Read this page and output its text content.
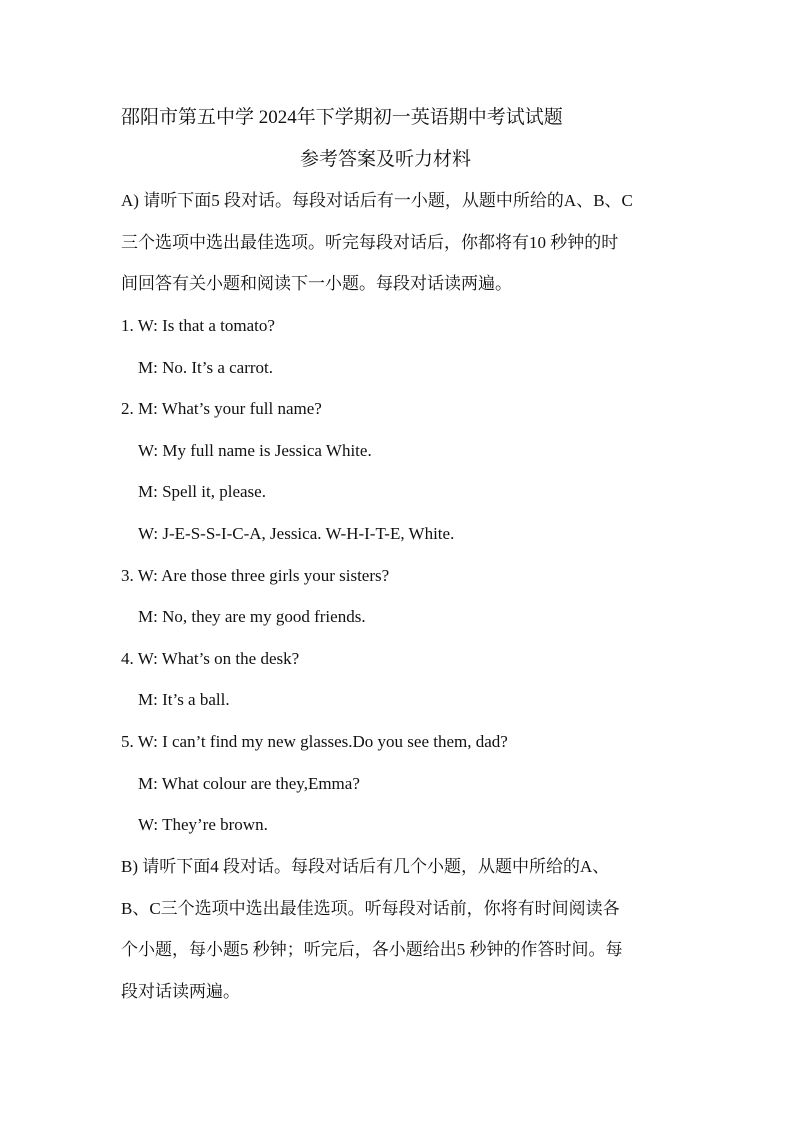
邵阳市第五中学 2024年下学期初一英语期中考试试题
参考答案及听力材料
A) 请听下面5 段对话。每段对话后有一小题，从题中所给的A、B、C
三个选项中选出最佳选项。听完每段对话后，你都将有10 秒钟的时
间回答有关小题和阅读下一小题。每段对话读两遍。
1. W: Is that a tomato?
M: No. It’s a carrot.
2. M: What’s your full name?
W: My full name is Jessica White.
M: Spell it, please.
W: J-E-S-S-I-C-A, Jessica. W-H-I-T-E, White.
3. W: Are those three girls your sisters?
M: No, they are my good friends.
4. W: What’s on the desk?
M: It’s a ball.
5. W: I can’t find my new glasses.Do you see them, dad?
M: What colour are they,Emma?
W: They’re brown.
B) 请听下面4 段对话。每段对话后有几个小题，从题中所给的A、
B、C三个选项中选出最佳选项。听每段对话前，你将有时间阅读各
个小题，每小题5 秒钟；听完后，各小题给出5 秒钟的作答时间。每
段对话读两遍。
